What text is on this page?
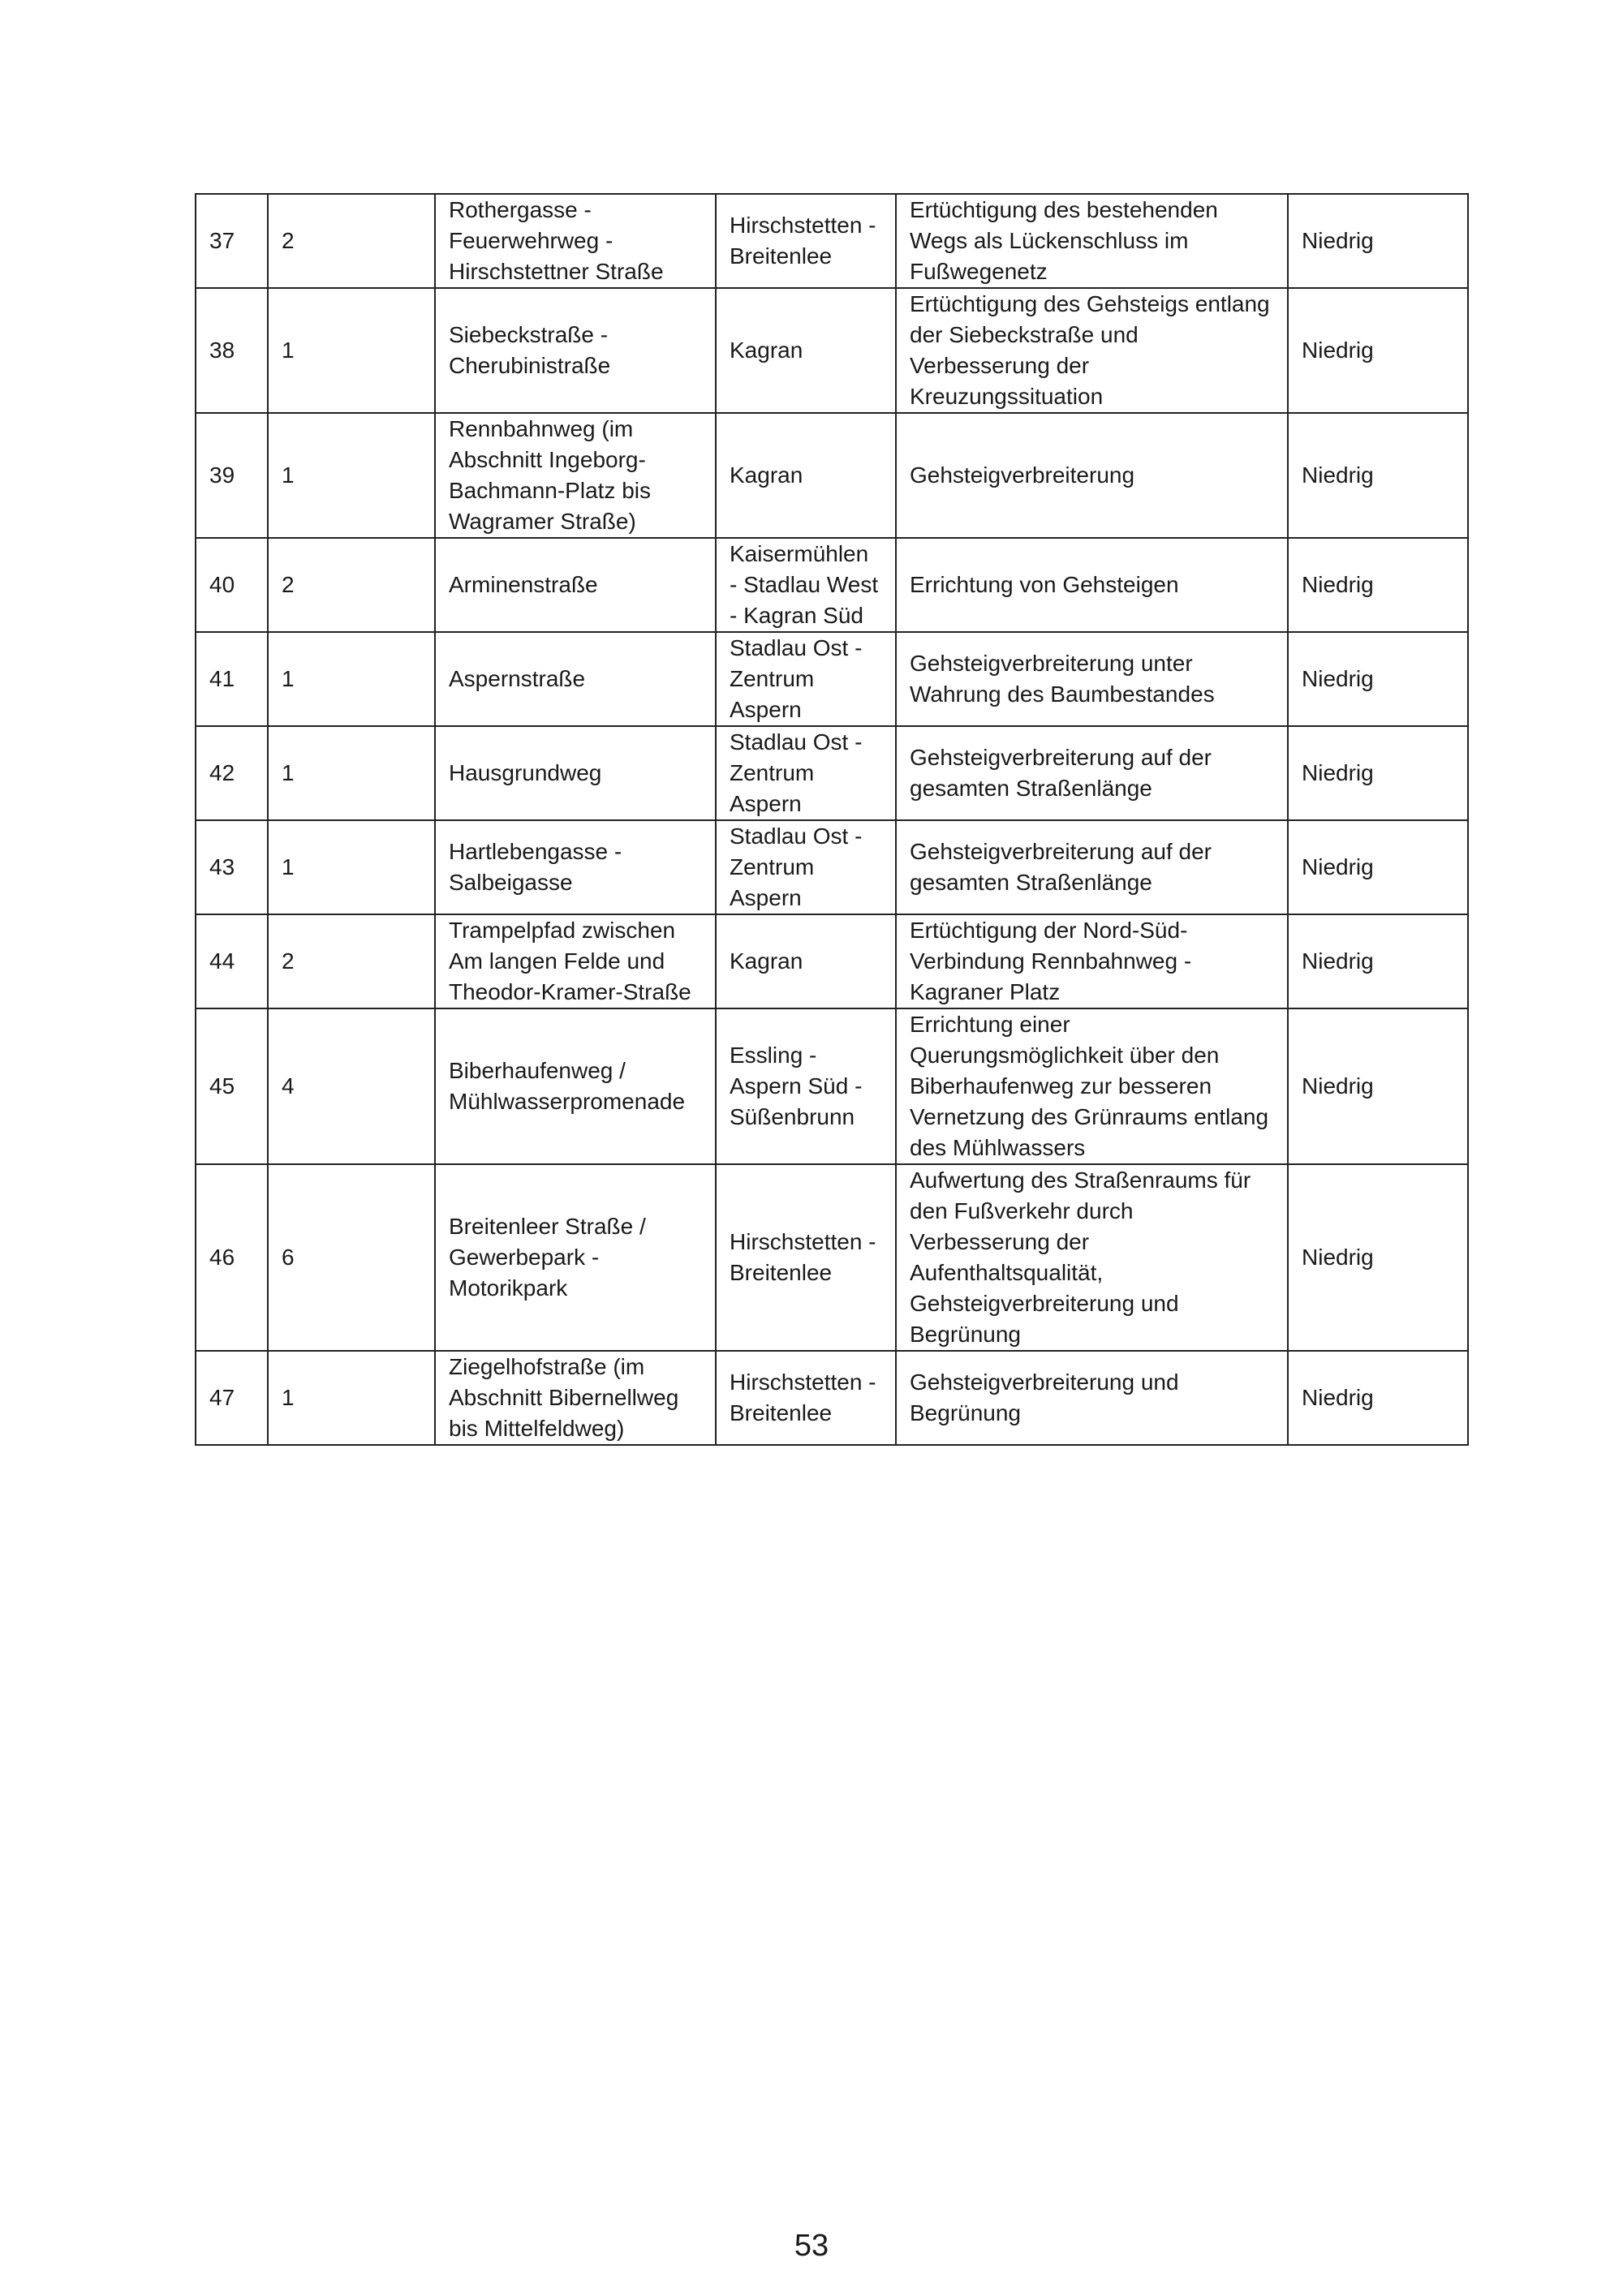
37	2	Rothergasse - Feuerwehrweg - Hirschstettner Straße	Hirschstetten - Breitenlee	Ertüchtigung des bestehenden Wegs als Lückenschluss im Fußwegenetz	Niedrig
38	1	Siebeckstraße - Cherubinistraße	Kagran	Ertüchtigung des Gehsteigs entlang der Siebeckstraße und Verbesserung der Kreuzungssituation	Niedrig
39	1	Rennbahnweg (im Abschnitt Ingeborg-Bachmann-Platz bis Wagramer Straße)	Kagran	Gehsteigverbreiterung	Niedrig
40	2	Arminenstraße	Kaisermühlen - Stadlau West - Kagran Süd	Errichtung von Gehsteigen	Niedrig
41	1	Aspernstraße	Stadlau Ost - Zentrum Aspern	Gehsteigverbreiterung unter Wahrung des Baumbestandes	Niedrig
42	1	Hausgrundweg	Stadlau Ost - Zentrum Aspern	Gehsteigverbreiterung auf der gesamten Straßenlänge	Niedrig
43	1	Hartlebengasse - Salbeigasse	Stadlau Ost - Zentrum Aspern	Gehsteigverbreiterung auf der gesamten Straßenlänge	Niedrig
44	2	Trampelpfad zwischen Am langen Felde und Theodor-Kramer-Straße	Kagran	Ertüchtigung der Nord-Süd-Verbindung Rennbahnweg - Kagraner Platz	Niedrig
45	4	Biberhaufenweg / Mühlwasserpromenade	Essling - Aspern Süd - Süßenbrunn	Errichtung einer Querungsmöglichkeit über den Biberhaufenweg zur besseren Vernetzung des Grünraums entlang des Mühlwassers	Niedrig
46	6	Breitenleer Straße / Gewerbepark - Motorikpark	Hirschstetten - Breitenlee	Aufwertung des Straßenraums für den Fußverkehr durch Verbesserung der Aufenthaltsqualität, Gehsteigverbreiterung und Begrünung	Niedrig
47	1	Ziegelhofstraße (im Abschnitt Bibernellweg bis Mittelfeldweg)	Hirschstetten - Breitenlee	Gehsteigverbreiterung und Begrünung	Niedrig
53
